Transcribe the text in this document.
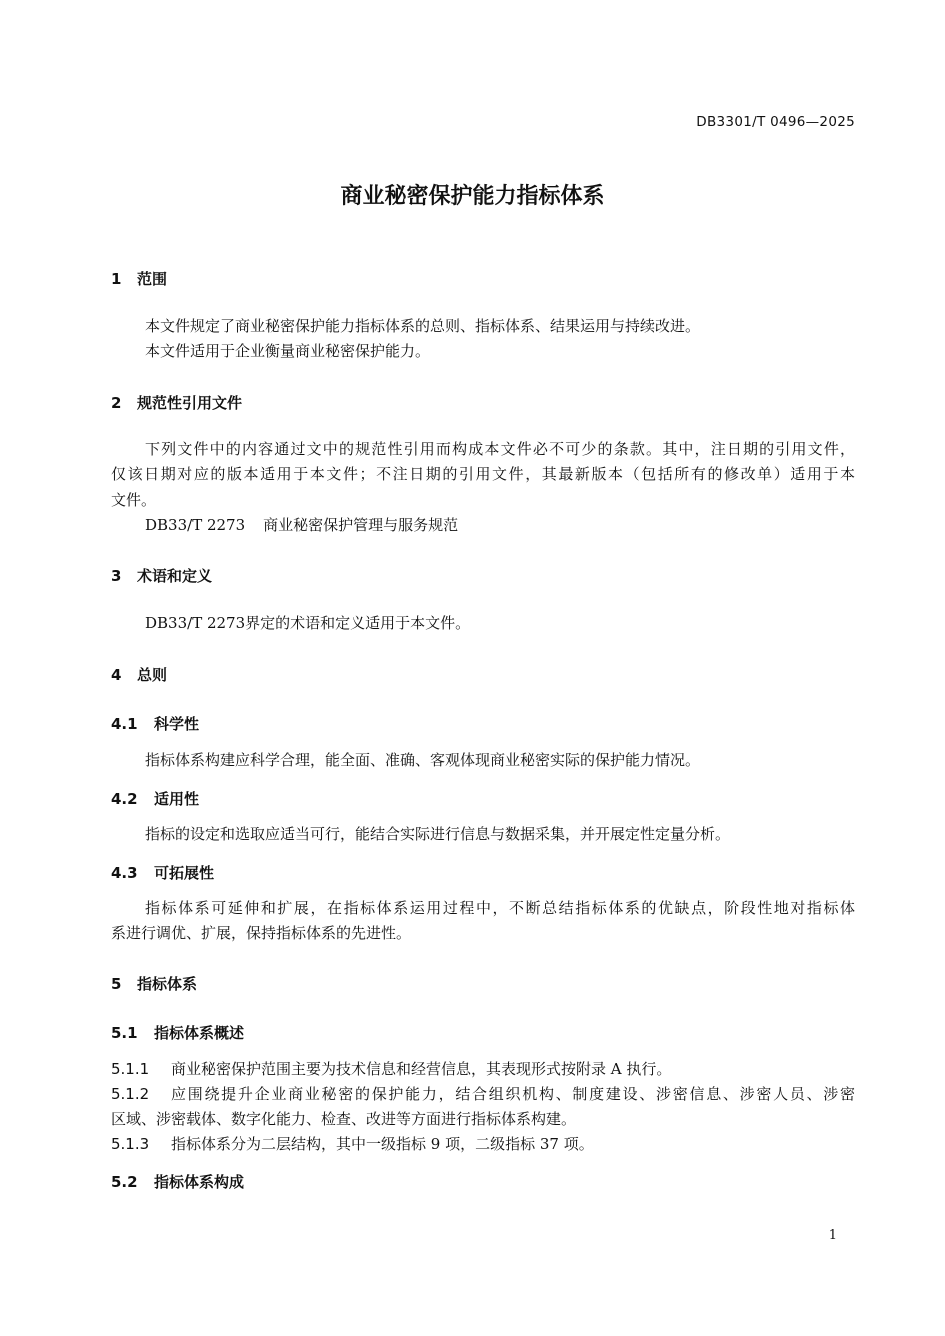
DB3301/T 0496—2025
商业秘密保护能力指标体系
1 范围
本文件规定了商业秘密保护能力指标体系的总则、指标体系、结果运用与持续改进。
本文件适用于企业衡量商业秘密保护能力。
2 规范性引用文件
下列文件中的内容通过文中的规范性引用而构成本文件必不可少的条款。其中，注日期的引用文件，
仅该日期对应的版本适用于本文件；不注日期的引用文件，其最新版本（包括所有的修改单）适用于本
文件。
DB33/T 2273 商业秘密保护管理与服务规范
3 术语和定义
DB33/T 2273界定的术语和定义适用于本文件。
4 总则
4.1 科学性
指标体系构建应科学合理，能全面、准确、客观体现商业秘密实际的保护能力情况。
4.2 适用性
指标的设定和选取应适当可行，能结合实际进行信息与数据采集，并开展定性定量分析。
4.3 可拓展性
指标体系可延伸和扩展，在指标体系运用过程中，不断总结指标体系的优缺点，阶段性地对指标体
系进行调优、扩展，保持指标体系的先进性。
5 指标体系
5.1 指标体系概述
5.1.1 商业秘密保护范围主要为技术信息和经营信息，其表现形式按附录 A 执行。
5.1.2	应围绕提升企业商业秘密的保护能力，结合组织机构、制度建设、涉密信息、涉密人员、涉密
区域、涉密载体、数字化能力、检查、改进等方面进行指标体系构建。
5.1.3 指标体系分为二层结构，其中一级指标 9 项，二级指标 37 项。
5.2 指标体系构成
1
